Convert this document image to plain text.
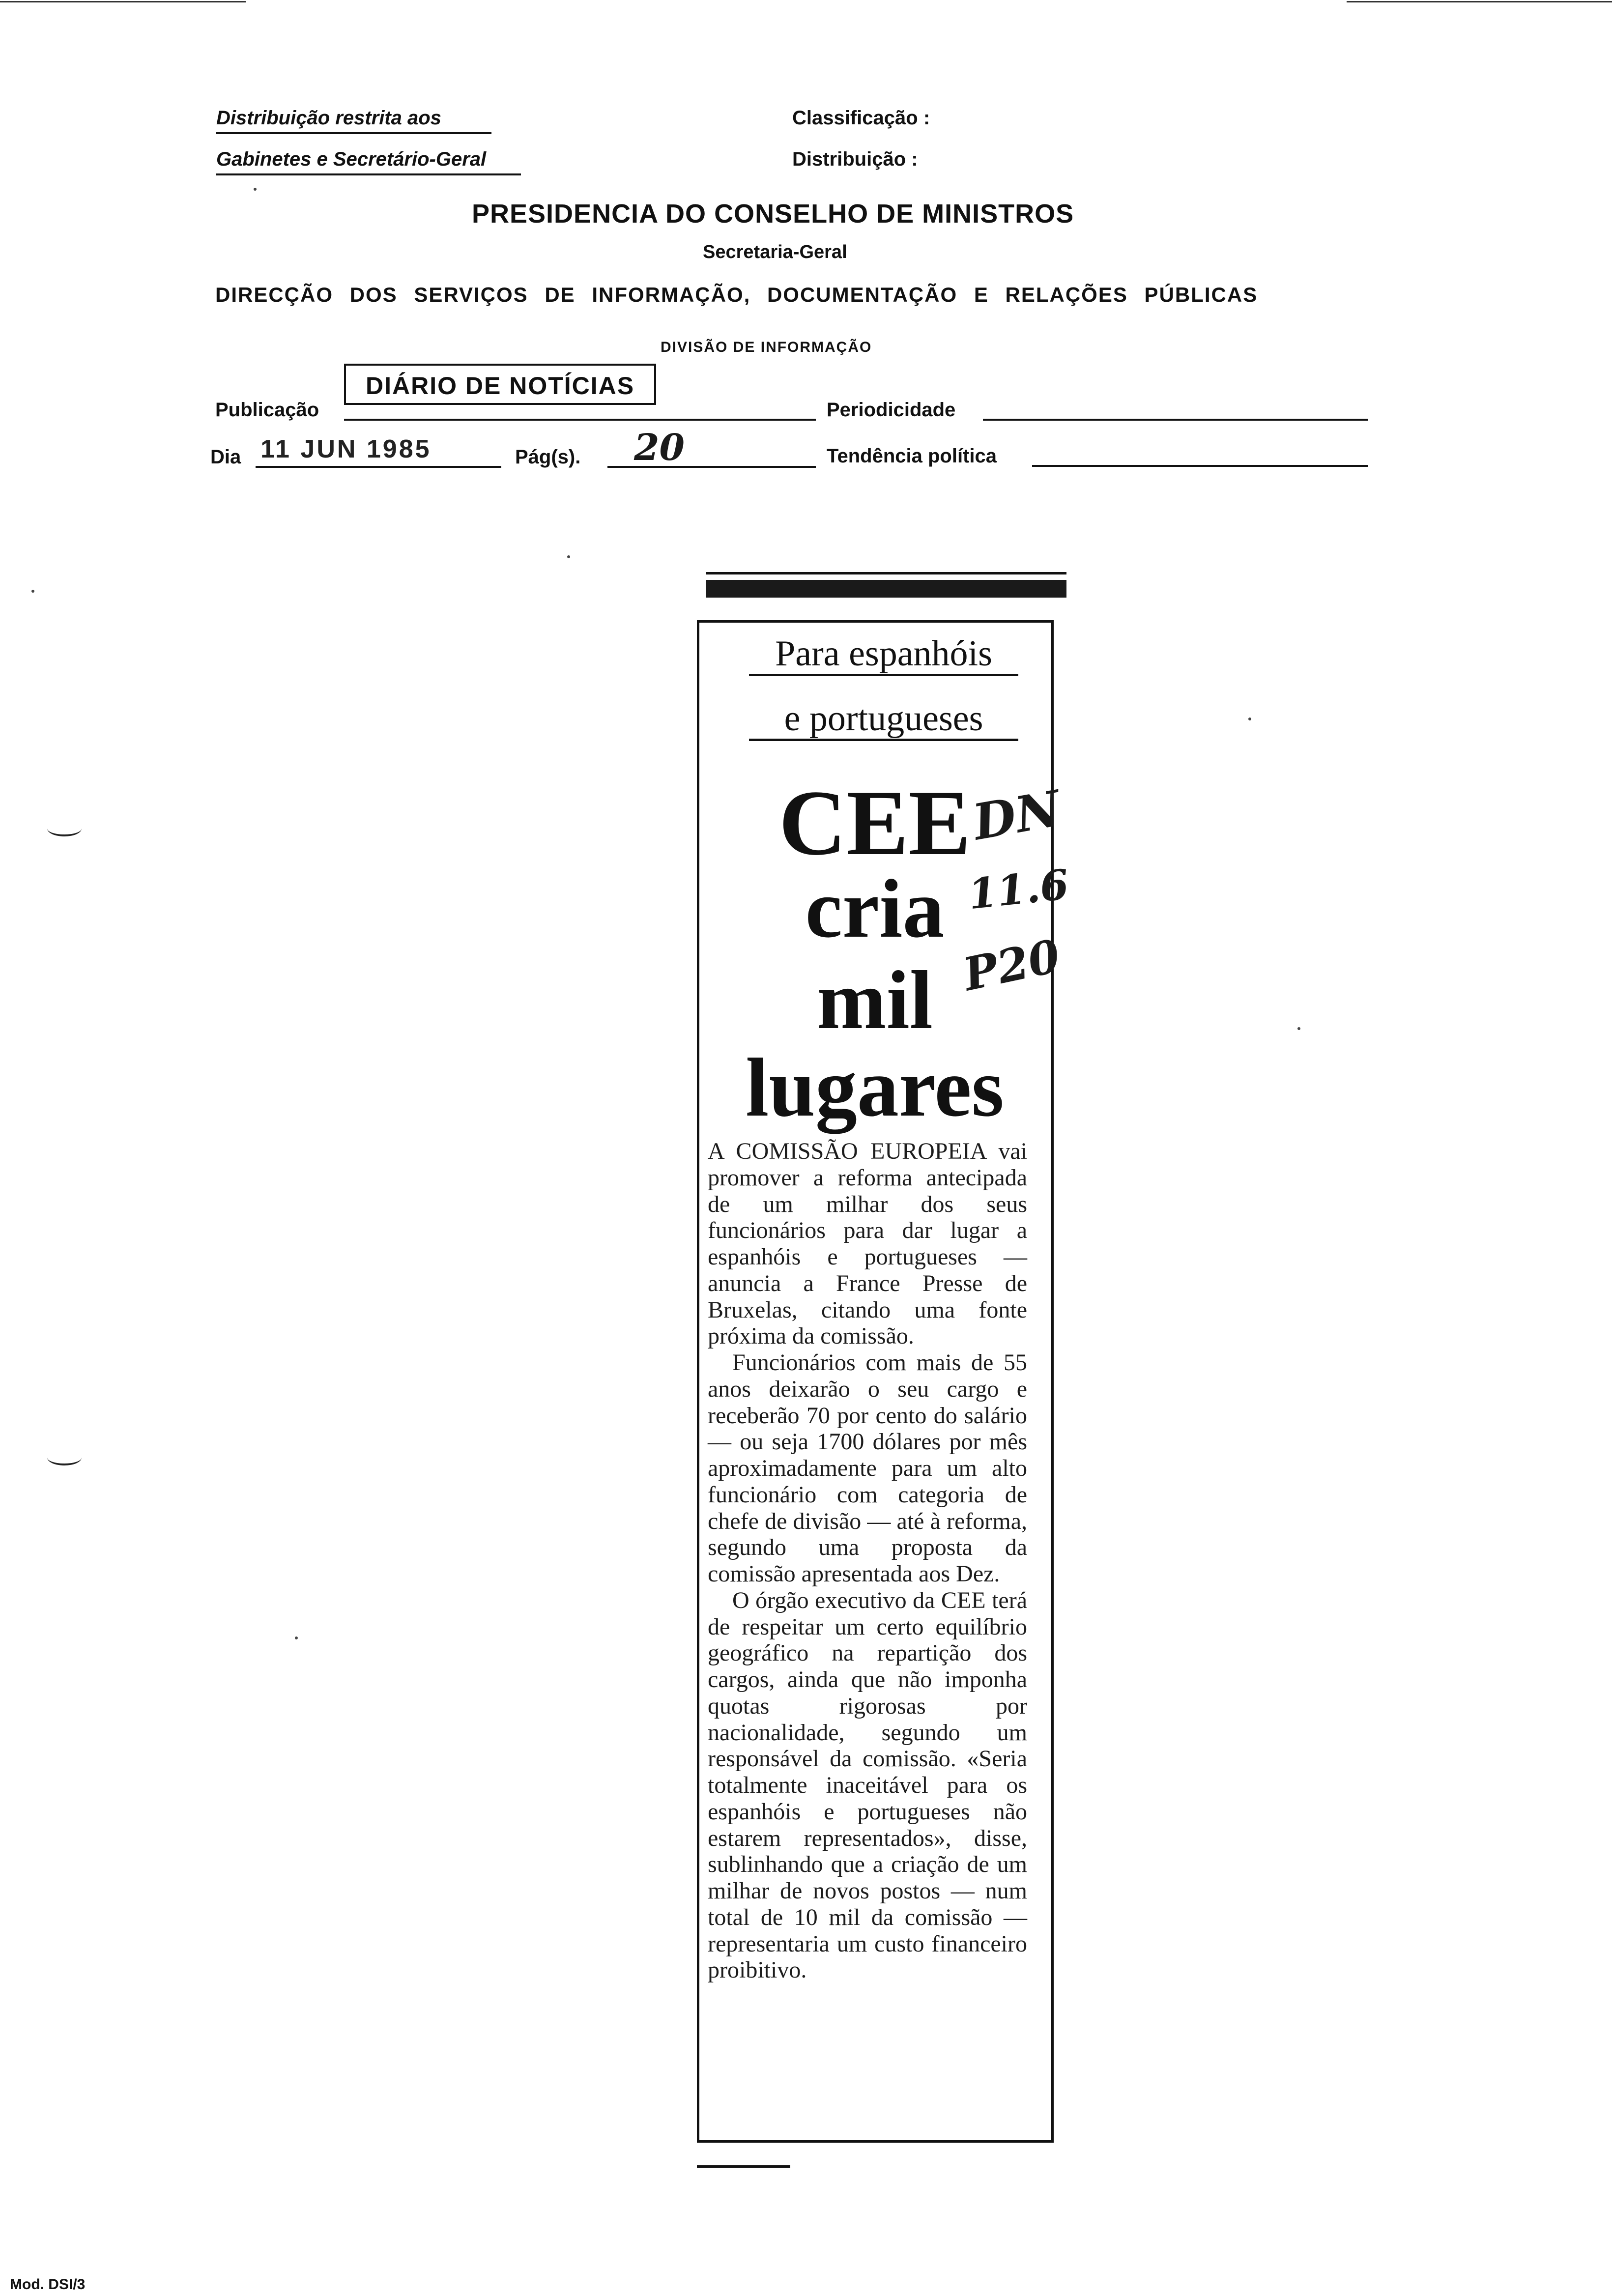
Distribuição restrita aos
Gabinetes e Secretário-Geral
Classificação :
Distribuição :
PRESIDENCIA DO CONSELHO DE MINISTROS
Secretaria-Geral
DIRECÇÃO DOS SERVIÇOS DE INFORMAÇÃO, DOCUMENTAÇÃO E RELAÇÕES PÚBLICAS
DIVISÃO DE INFORMAÇÃO
Publicação
DIÁRIO DE NOTÍCIAS
Periodicidade
Dia 11 JUN 1985	Pág(s). 20	Tendência política
Para espanhóis
e portugueses
CEE
cria
mil
lugares
DN
11.6
P20

A COMISSÃO EUROPEIA vai promover a reforma antecipada de um milhar dos seus funcionários para dar lugar a espanhóis e portugueses — anuncia a France Presse de Bruxelas, citando uma fonte próxima da comissão.

Funcionários com mais de 55 anos deixarão o seu cargo e receberão 70 por cento do salário — ou seja 1700 dólares por mês aproximadamente para um alto funcionário com categoria de chefe de divisão — até à reforma, segundo uma proposta da comissão apresentada aos Dez.

O órgão executivo da CEE terá de respeitar um certo equilíbrio geográfico na repartição dos cargos, ainda que não imponha quotas rigorosas por nacionalidade, segundo um responsável da comissão. «Seria totalmente inaceitável para os espanhóis e portugueses não estarem representados», disse, sublinhando que a criação de um milhar de novos postos — num total de 10 mil da comissão — representaria um custo financeiro proibitivo.

Mod. DSI/3
